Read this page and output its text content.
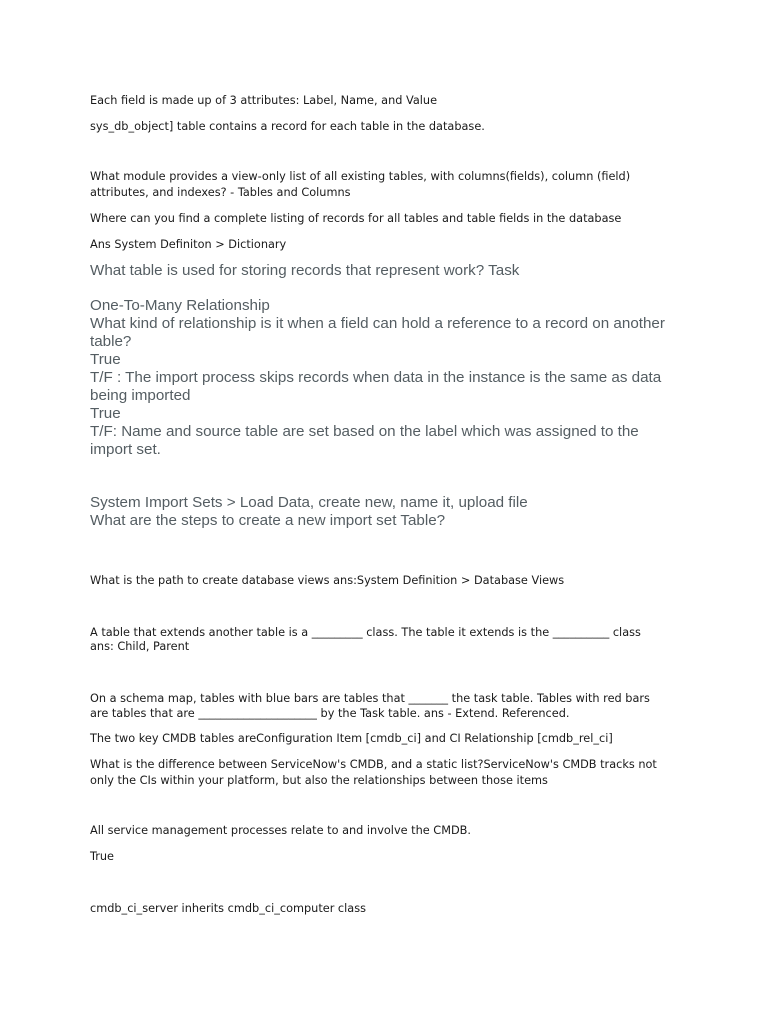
Each field is made up of 3 attributes: Label, Name, and Value

sys_db_object] table contains a record for each table in the database.

What module provides a view-only list of all existing tables, with columns(fields), column (field)

attributes, and indexes? - Tables and Columns

Where can you find a complete listing of records for all tables and table fields in the database

Ans System Definiton > Dictionary

What table is used for storing records that represent work? Task

One-To-Many Relationship

What kind of relationship is it when a field can hold a reference to a record on another

table?

True

T/F : The import process skips records when data in the instance is the same as data

being imported

True

T/F: Name and source table are set based on the label which was assigned to the

import set.

System Import Sets > Load Data, create new, name it, upload file

What are the steps to create a new import set Table?

What is the path to create database views ans:System Definition > Database Views

A table that extends another table is a _________ class. The table it extends is the __________ class

ans: Child, Parent

On a schema map, tables with blue bars are tables that _______ the task table. Tables with red bars

are tables that are _____________________ by the Task table. ans - Extend. Referenced.

The two key CMDB tables areConfiguration Item [cmdb_ci] and CI Relationship [cmdb_rel_ci]

What is the difference between ServiceNow's CMDB, and a static list?ServiceNow's CMDB tracks not

only the CIs within your platform, but also the relationships between those items

All service management processes relate to and involve the CMDB.

True

cmdb_ci_server inherits cmdb_ci_computer class
